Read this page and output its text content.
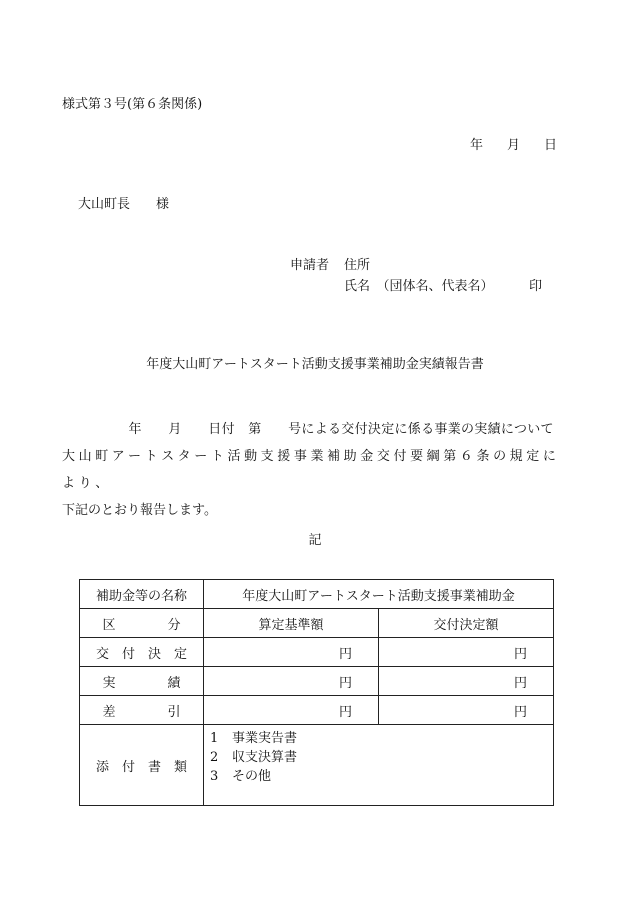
様式第３号(第６条関係)
年 月 日
大山町長　　様
申請者 住所
氏名　（団体名、代表名）	印
年度大山町アートスタート活動支援事業補助金実績報告書
　　　　　年　　月　　日付　第　　号による交付決定に係る事業の実績について
大山町アートスタート活動支援事業補助金交付要綱第６条の規定により、
下記のとおり報告します。
記
補助金等の名称	年度大山町アートスタート活動支援事業補助金	
区　　　　分	算定基準額	交付決定額
交　付　決　定	円	円
実　　　　績	円	円
差　　　　引	円	円
添　付　書　類	1 事業実告書
2 収支決算書
3 その他	
